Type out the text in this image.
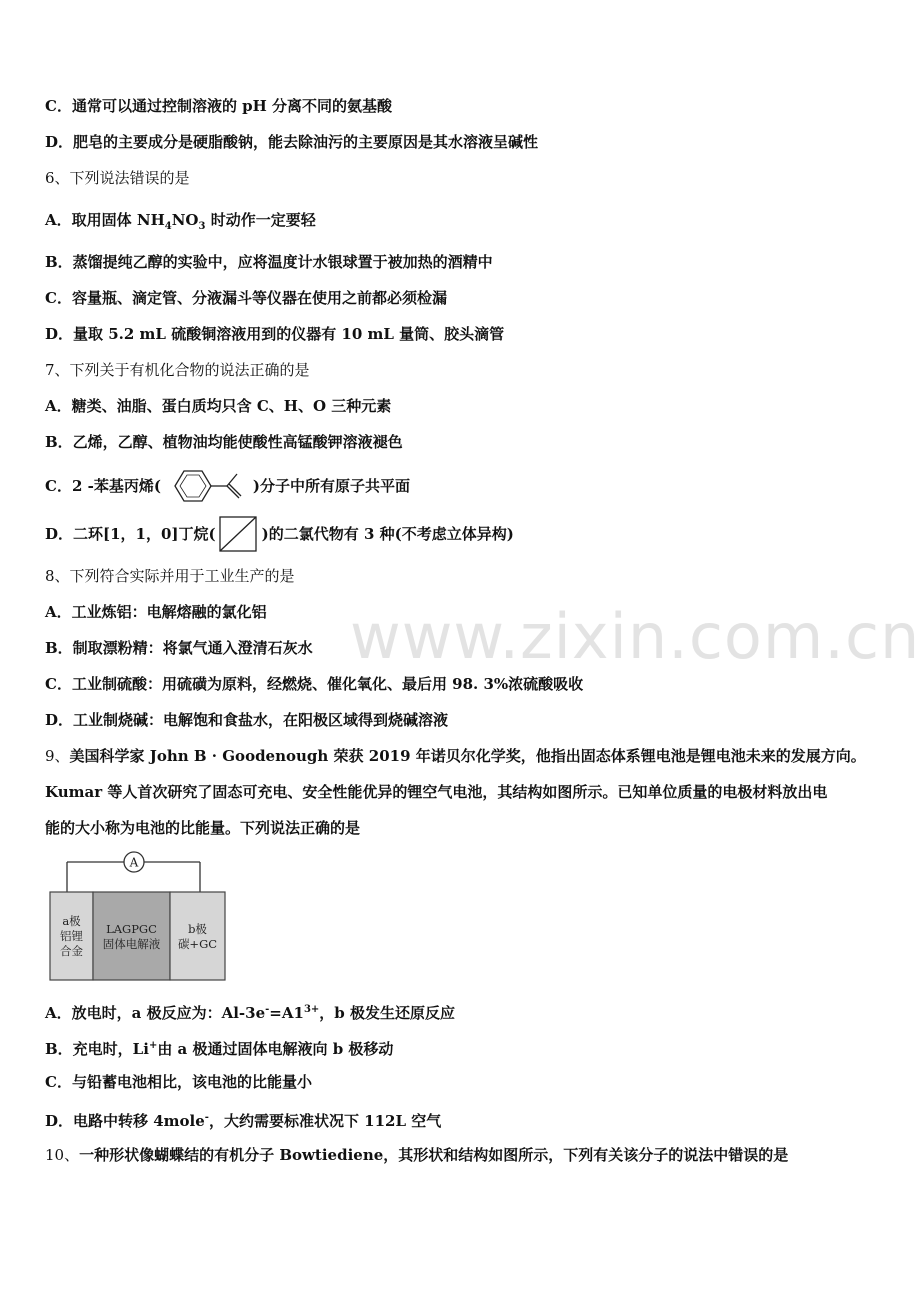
www.zixin.com.cn
C．通常可以通过控制溶液的 pH 分离不同的氨基酸
D．肥皂的主要成分是硬脂酸钠，能去除油污的主要原因是其水溶液呈碱性
6、下列说法错误的是
A．取用固体 $NH_4NO_3$ 时动作一定要轻
B．蒸馏提纯乙醇的实验中，应将温度计水银球置于被加热的酒精中
C．容量瓶、滴定管、分液漏斗等仪器在使用之前都必须检漏
D．量取 5.2 mL 硫酸铜溶液用到的仪器有 10 mL 量筒、胶头滴管
7、下列关于有机化合物的说法正确的是
A．糖类、油脂、蛋白质均只含 C、H、O 三种元素
B．乙烯，乙醇、植物油均能使酸性高锰酸钾溶液褪色
C．2 -苯基丙烯(	)分子中所有原子共平面
D．二环[1，1，0]丁烷(	)的二氯代物有 3 种(不考虑立体异构)
8、下列符合实际并用于工业生产的是
A．工业炼铝：电解熔融的氯化铝
B．制取漂粉精：将氯气通入澄清石灰水
C．工业制硫酸：用硫磺为原料，经燃烧、催化氧化、最后用 98. 3%浓硫酸吸收
D．工业制烧碱：电解饱和食盐水，在阳极区域得到烧碱溶液
9、美国科学家 John B · Goodenough 荣获 2019 年诺贝尔化学奖，他指出固态体系锂电池是锂电池未来的发展方向。
Kumar 等人首次研究了固态可充电、安全性能优异的锂空气电池，其结构如图所示。已知单位质量的电极材料放出电
能的大小称为电池的比能量。下列说法正确的是
A
a极
铝锂
合金
LAGPGC
固体电解液
b极
碳+GC
A．放电时，a 极反应为：$Al-3e^-=A1^{3+}$，b 极发生还原反应
B．充电时，Li+由 a 极通过固体电解液向 b 极移动
C．与铅蓄电池相比，该电池的比能量小
D．电路中转移 4mole-，大约需要标准状况下 112L 空气
10、一种形状像蝴蝶结的有机分子 Bowtiediene，其形状和结构如图所示，下列有关该分子的说法中错误的是
